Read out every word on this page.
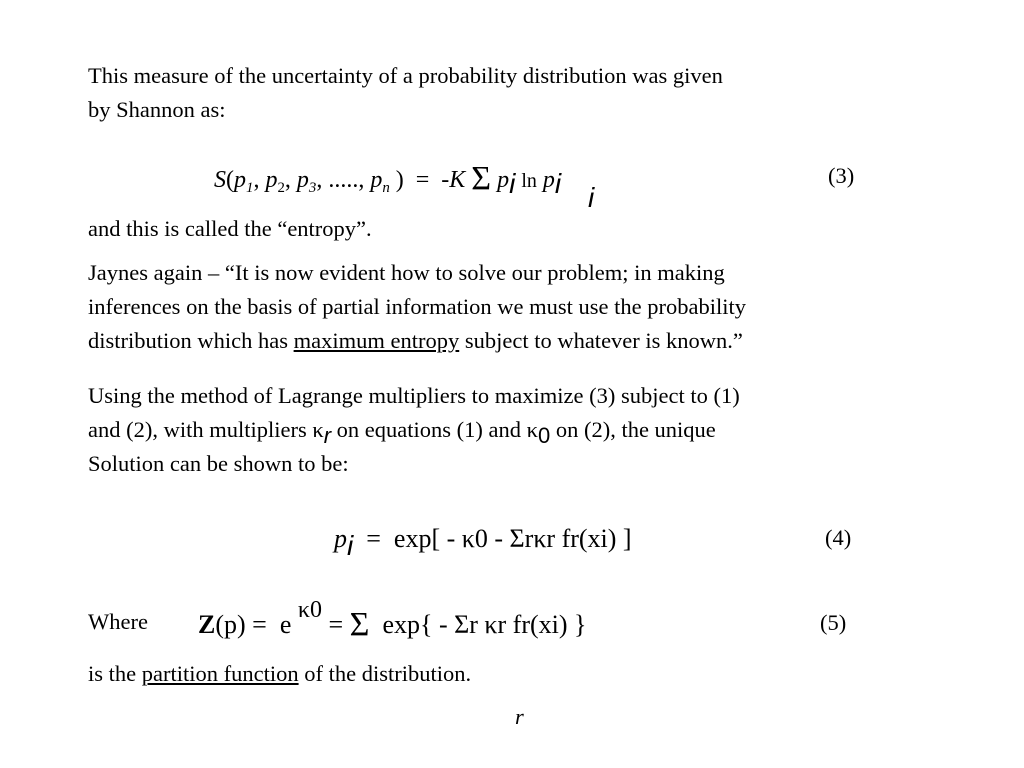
This measure of the uncertainty of a probability distribution was given
by Shannon as:

$S(p_1$, $p_2$, $p_3$, ....., $p_n$ )  = -K Σ pi ln pi i
(3)

and this is called the “entropy”.

Jaynes again – “It is now evident how to solve our problem; in making
inferences on the basis of partial information we must use the probability
distribution which has maximum entropy subject to whatever is known.”

Using the method of Lagrange multipliers to maximize (3) subject to (1)
and (2), with multipliers κr on equations (1) and κ0 on (2), the unique
Solution can be shown to be:

pi = exp[ - κ0 - Σrκr fr(xi) ]	(4)
Where Z(p) = e κ0 = Σ exp{ - Σr κr fr(xi) }	(5)

is the partition function of the distribution.

r
